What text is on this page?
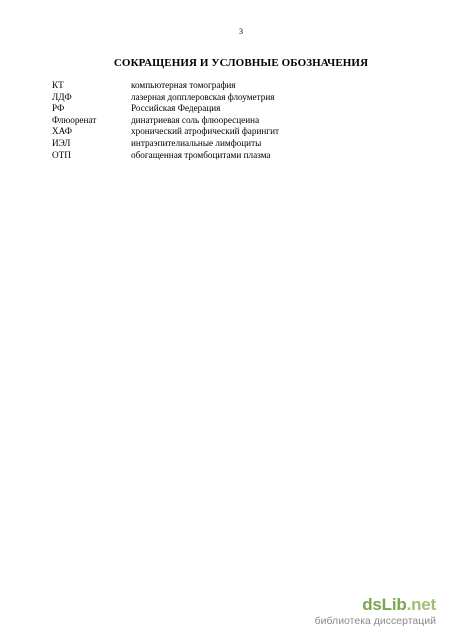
3
СОКРАЩЕНИЯ И УСЛОВНЫЕ ОБОЗНАЧЕНИЯ
КТ	компьютерная томография
ЛДФ	лазерная допплеровская флоуметрия
РФ	Российская Федерация
Флюоренат	динатриевая соль флюоресцеина
ХАФ	хронический атрофический фарингит
ИЭЛ	интраэпителиальные лимфоциты
ОТП	обогащенная тромбоцитами плазма
dsLib.net
библиотека диссертаций
